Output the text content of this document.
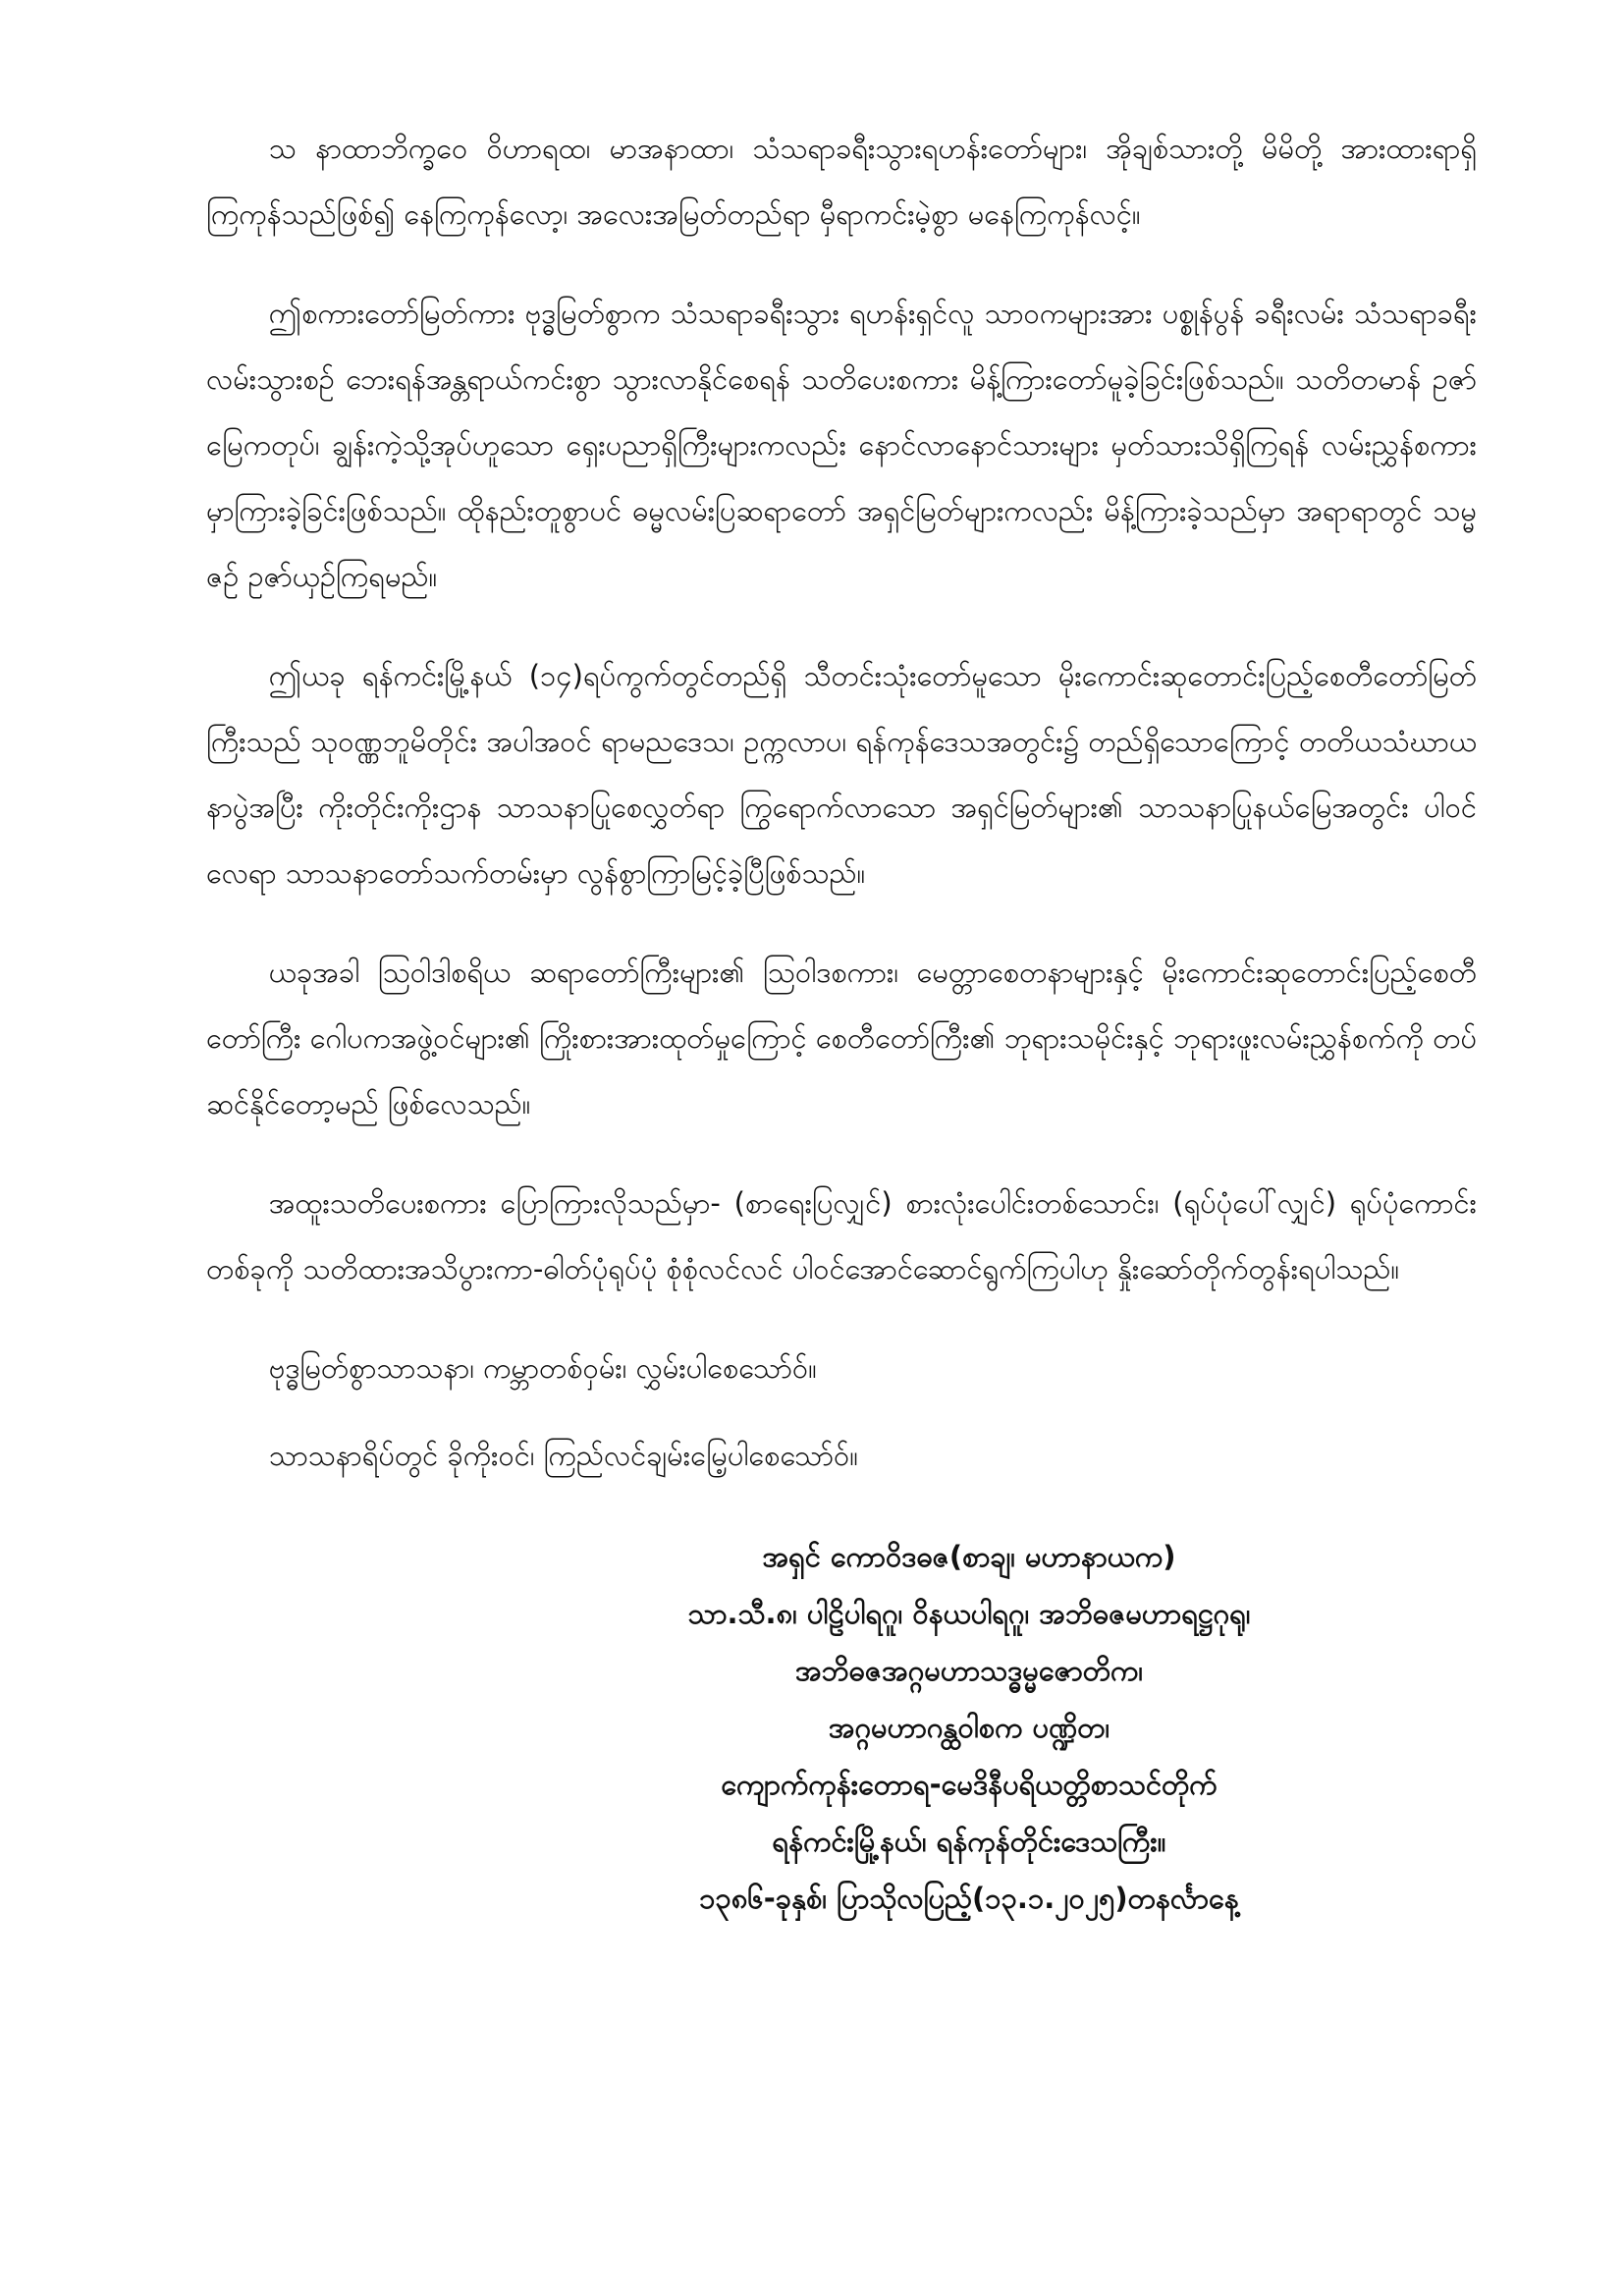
သ နာထာဘိက္ခဝေ ဝိဟာရထ၊ မာအနာထာ၊ သံသရာခရီးသွားရဟန်းတော်များ၊ အိုချစ်သားတို့ မိမိတို့ အားထားရာရှိကြကုန်သည်ဖြစ်၍ နေကြကုန်လော့၊ အလေးအမြတ်တည်ရာ မှီရာကင်းမဲ့စွာ မနေကြကုန်လင့်။

ဤစကားတော်မြတ်ကား ဗုဒ္ဓမြတ်စွာက သံသရာခရီးသွား ရဟန်းရှင်လူ သာဝကများအား ပစ္စုန်ပွန် ခရီးလမ်း သံသရာခရီးလမ်းသွားစဉ် ဘေးရန်အန္တရာယ်ကင်းစွာ သွားလာနိုင်စေရန် သတိပေးစကား မိန့်ကြားတော်မူခဲ့ခြင်းဖြစ်သည်။ သတိတမာန် ဥဇာ်မြေကတုပ်၊ ချွန်းကဲ့သို့အုပ်ဟူသော ရှေးပညာရှိကြီးများကလည်း နောင်လာနောင်သားများ မှတ်သားသိရှိကြရန် လမ်းညွှန်စကားမှာကြားခဲ့ခြင်းဖြစ်သည်။ ထိုနည်းတူစွာပင် ဓမ္မလမ်းပြဆရာတော် အရှင်မြတ်များကလည်း မိန့်ကြားခဲ့သည်မှာ အရာရာတွင် သမ္မဇဉ် ဥဇာ်ယှဉ်ကြရမည်။

ဤယခု ရန်ကင်းမြို့နယ် (၁၄)ရပ်ကွက်တွင်တည်ရှိ သီတင်းသုံးတော်မူသော မိုးကောင်းဆုတောင်းပြည့်စေတီတော်မြတ်ကြီးသည် သုဝဏ္ဏဘူမိတိုင်း အပါအဝင် ရာမညဒေသ၊ ဥက္ကလာပ၊ ရန်ကုန်ဒေသအတွင်း၌ တည်ရှိသောကြောင့် တတိယသံဃာယနာပွဲအပြီး ကိုးတိုင်းကိုးဌာန သာသနာပြုစေလွှတ်ရာ ကြွရောက်လာသော အရှင်မြတ်များ၏ သာသနာပြုနယ်မြေအတွင်း ပါဝင်လေရာ သာသနာတော်သက်တမ်းမှာ လွန်စွာကြာမြင့်ခဲ့ပြီဖြစ်သည်။

ယခုအခါ ဩဝါဒါစရိယ ဆရာတော်ကြီးများ၏ ဩဝါဒစကား၊ မေတ္တာစေတနာများနှင့် မိုးကောင်းဆုတောင်းပြည့်စေတီတော်ကြီး ဂေါပကအဖွဲ့ဝင်များ၏ ကြိုးစားအားထုတ်မှုကြောင့် စေတီတော်ကြီး၏ ဘုရားသမိုင်းနှင့် ဘုရားဖူးလမ်းညွှန်စက်ကို တပ်ဆင်နိုင်တော့မည် ဖြစ်လေသည်။

အထူးသတိပေးစကား ပြောကြားလိုသည်မှာ- (စာရေးပြလျှင်) စားလုံးပေါင်းတစ်သောင်း၊ (ရုပ်ပုံပေါ်လျှင်) ရုပ်ပုံကောင်းတစ်ခုကို သတိထားအသိပွားကာ-ဓါတ်ပုံရုပ်ပုံ စုံစုံလင်လင် ပါဝင်အောင်ဆောင်ရွက်ကြပါဟု နှိုးဆော်တိုက်တွန်းရပါသည်။

ဗုဒ္ဓမြတ်စွာသာသနာ၊ ကမ္ဘာတစ်ဝှမ်း၊ လွှမ်းပါစေသော်ဝ်။

သာသနာရိပ်တွင် ခိုကိုးဝင်၊ ကြည်လင်ချမ်းမြေ့ပါစေသော်ဝ်။

အရှင် ကောဝိဒဓဇ(စာချ၊ မဟာနာယက)
သာ.သီ.၈၊ ပါဠိပါရဂူ၊ ဝိနယပါရဂူ၊ အဘိဓဇမဟာရဋ္ဌဂုရု၊
အဘိဓဇအဂ္ဂမဟာသဒ္ဓမ္မဇောတိက၊
အဂ္ဂမဟာဂန္ထဝါစက ပဏ္ဍိတ၊
ကျောက်ကုန်းတောရ-မေဒိနီပရိယတ္တိစာသင်တိုက်
ရန်ကင်းမြို့နယ်၊ ရန်ကုန်တိုင်းဒေသကြီး။
၁၃၈၆-ခုနှစ်၊ ပြာသိုလပြည့်(၁၃.၁.၂၀၂၅)တနင်္လာနေ့
